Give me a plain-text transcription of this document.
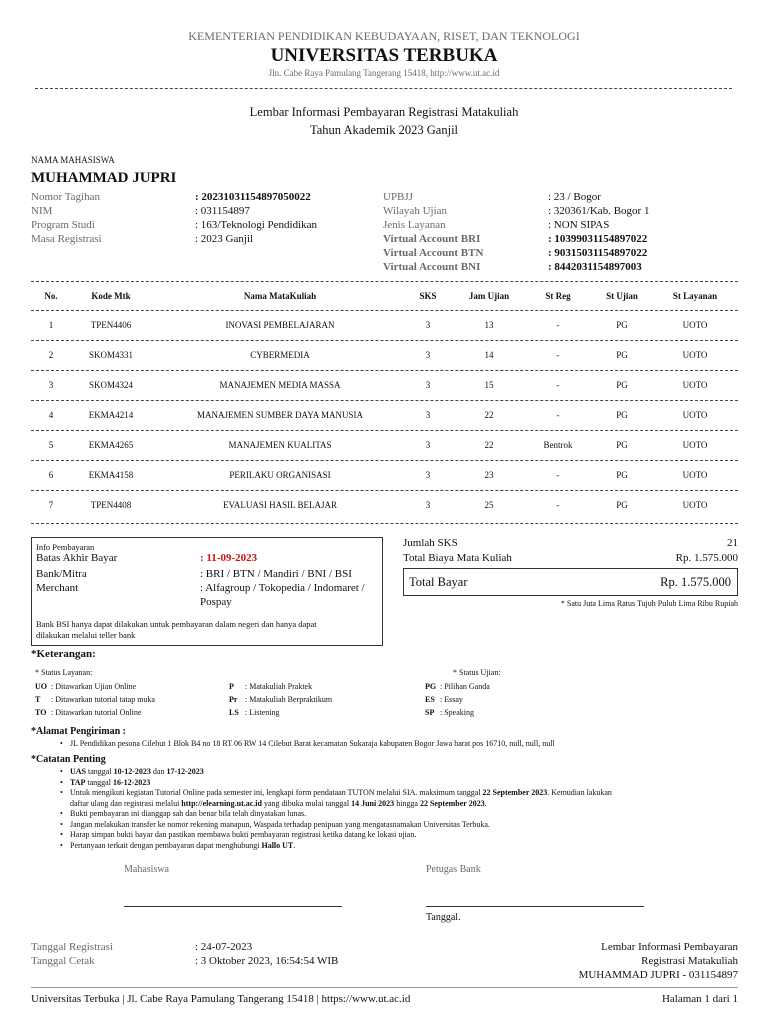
KEMENTERIAN PENDIDIKAN KEBUDAYAAN, RISET, DAN TEKNOLOGI
UNIVERSITAS TERBUKA
Jln. Cabe Raya Pamulang Tangerang 15418, http://www.ut.ac.id
Lembar Informasi Pembayaran Registrasi Matakuliah
Tahun Akademik 2023 Ganjil
NAMA MAHASISWA
MUHAMMAD JUPRI
Nomor Tagihan	: 20231031154897050022
NIM	: 031154897
Program Studi	: 163/Teknologi Pendidikan
Masa Registrasi	: 2023 Ganjil
UPBJJ	: 23 / Bogor
Wilayah Ujian	: 320361/Kab. Bogor 1
Jenis Layanan	: NON SIPAS
Virtual Account BRI	: 10399031154897022
Virtual Account BTN	: 90315031154897022
Virtual Account BNI	: 8442031154897003
No.	Kode Mtk	Nama MataKuliah	SKS	Jam Ujian	St Reg	St Ujian	St Layanan
1	TPEN4406	INOVASI PEMBELAJARAN	3	13	-	PG	UOTO
2	SKOM4331	CYBERMEDIA	3	14	-	PG	UOTO
3	SKOM4324	MANAJEMEN MEDIA MASSA	3	15	-	PG	UOTO
4	EKMA4214	MANAJEMEN SUMBER DAYA MANUSIA	3	22	-	PG	UOTO
5	EKMA4265	MANAJEMEN KUALITAS	3	22	Bentrok	PG	UOTO
6	EKMA4158	PERILAKU ORGANISASI	3	23	-	PG	UOTO
7	TPEN4408	EVALUASI HASIL BELAJAR	3	25	-	PG	UOTO
Info Pembayaran
Batas Akhir Bayar	: 11-09-2023
Bank/Mitra	: BRI / BTN / Mandiri / BNI / BSI
Merchant	: Alfagroup / Tokopedia / Indomaret /
Pospay
Bank BSI hanya dapat dilakukan untuk pembayaran dalam negeri dan hanya dapat
dilakukan melalui teller bank
Jumlah SKS	21
Total Biaya Mata Kuliah	Rp. 1.575.000
Total Bayar	Rp. 1.575.000
* Satu Juta Lima Ratus Tujuh Puluh Lima Ribu Rupiah
*Keterangan:
* Status Layanan:	* Status Ujian:
UO : Ditawarkan Ujian Online
T : Ditawarkan tutorial tatap muka
TO : Ditawarkan tutorial Online
P : Matakuliah Praktek
Pr : Matakuliah Berpraktikum
LS : Listening
PG : Pilihan Ganda
ES : Essay
SP : Speaking
*Alamat Pengiriman :
• JL Pendidikan pesona Cilebut 1 Blok B4 no 18 RT 06 RW 14 Cilebut Barat kecamatan Sukaraja kabupaten Bogor Jawa barat pos 16710, null, null, null
*Catatan Penting
• UAS tanggal 10-12-2023 dan 17-12-2023
• TAP tanggal 16-12-2023
• Untuk mengikuti kegiatan Tutorial Online pada semester ini, lengkapi form pendataan TUTON melalui SIA. maksimum tanggal 22 September 2023. Kemudian lakukan
daftar ulang dan registrasi melalui http://elearning.ut.ac.id yang dibuka mulai tanggal 14 Juni 2023 hingga 22 September 2023.
• Bukti pembayaran ini dianggap sah dan benar bila telah dinyatakan lunas.
• Jangan melakukan transfer ke nomor rekening manapun, Waspada terhadap penipuan yang mengatasnamakan Universitas Terbuka.
• Harap simpan bukti bayar dan pastikan membawa bukti pembayaran registrasi ketika datang ke lokasi ujian.
• Pertanyaan terkait dengan pembayaran dapat menghubungi Hallo UT.
Mahasiswa	Petugas Bank
Tanggal.
Tanggal Registrasi	: 24-07-2023
Tanggal Cetak	: 3 Oktober 2023, 16:54:54 WIB
Lembar Informasi Pembayaran
Registrasi Matakuliah
MUHAMMAD JUPRI - 031154897
Universitas Terbuka | Jl. Cabe Raya Pamulang Tangerang 15418 | https://www.ut.ac.id	Halaman 1 dari 1
